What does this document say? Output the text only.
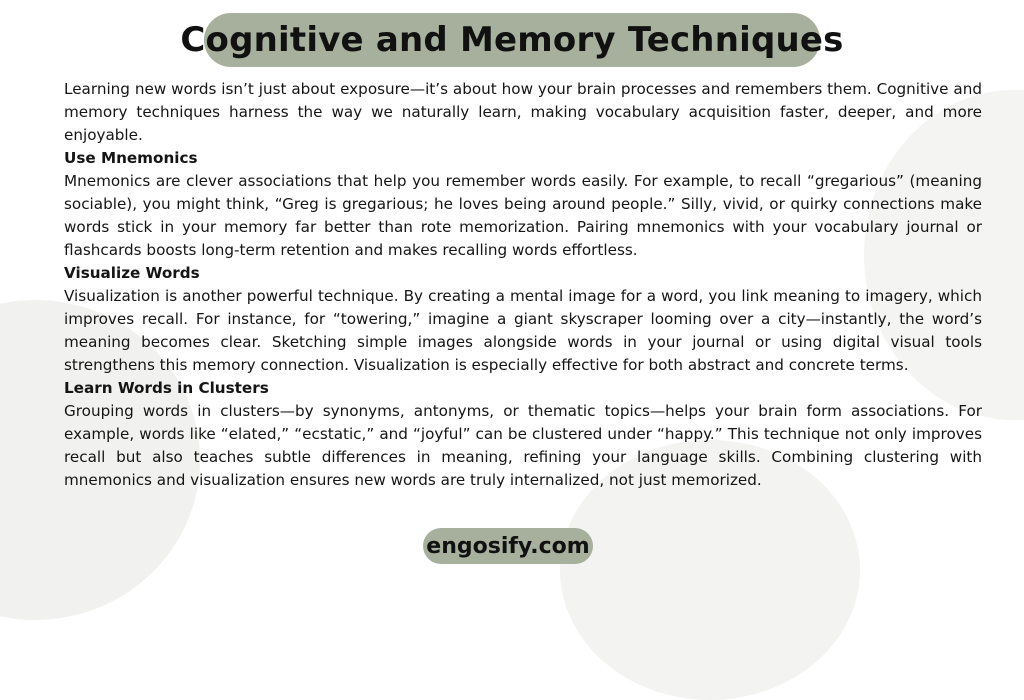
Cognitive and Memory Techniques

Learning new words isn’t just about exposure—it’s about how your brain processes and remembers them. Cognitive and memory techniques harness the way we naturally learn, making vocabulary acquisition faster, deeper, and more enjoyable.

Use Mnemonics

Mnemonics are clever associations that help you remember words easily. For example, to recall “gregarious” (meaning sociable), you might think, “Greg is gregarious; he loves being around people.” Silly, vivid, or quirky connections make words stick in your memory far better than rote memorization. Pairing mnemonics with your vocabulary journal or flashcards boosts long-term retention and makes recalling words effortless.

Visualize Words

Visualization is another powerful technique. By creating a mental image for a word, you link meaning to imagery, which improves recall. For instance, for “towering,” imagine a giant skyscraper looming over a city—instantly, the word’s meaning becomes clear. Sketching simple images alongside words in your journal or using digital visual tools strengthens this memory connection. Visualization is especially effective for both abstract and concrete terms.

Learn Words in Clusters

Grouping words in clusters—by synonyms, antonyms, or thematic topics—helps your brain form associations. For example, words like “elated,” “ecstatic,” and “joyful” can be clustered under “happy.” This technique not only improves recall but also teaches subtle differences in meaning, refining your language skills. Combining clustering with mnemonics and visualization ensures new words are truly internalized, not just memorized.

engosify.com
